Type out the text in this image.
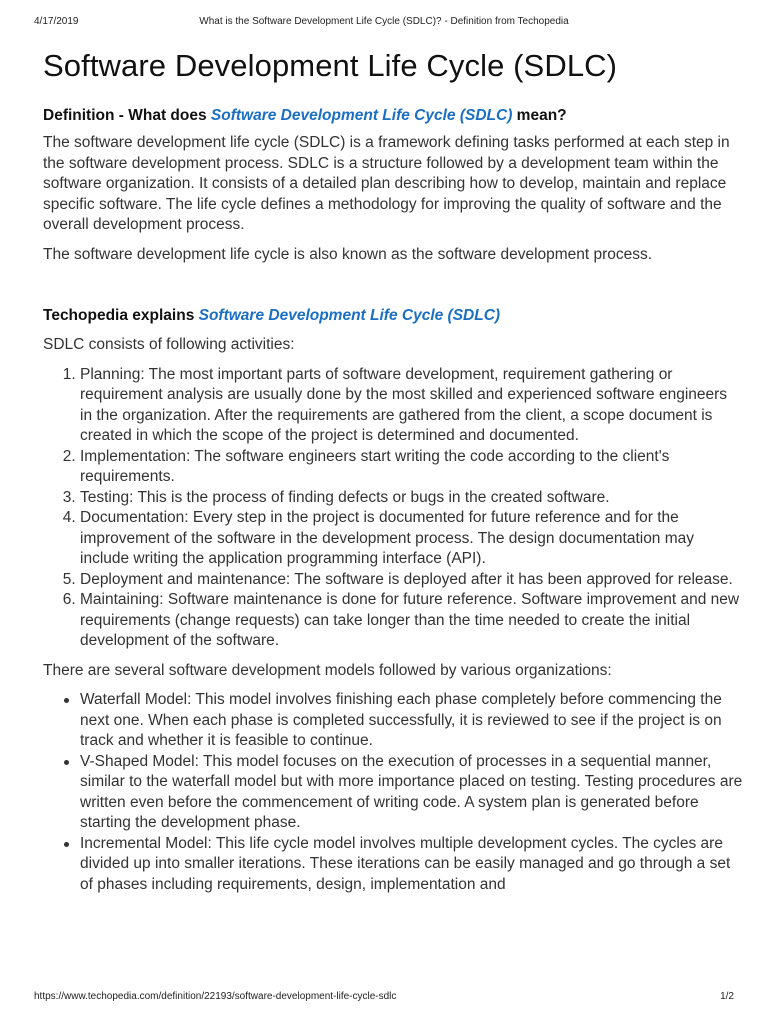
4/17/2019	What is the Software Development Life Cycle (SDLC)? - Definition from Techopedia
Software Development Life Cycle (SDLC)
Definition - What does Software Development Life Cycle (SDLC) mean?

The software development life cycle (SDLC) is a framework defining tasks performed at each step in the software development process. SDLC is a structure followed by a development team within the software organization. It consists of a detailed plan describing how to develop, maintain and replace specific software. The life cycle defines a methodology for improving the quality of software and the overall development process.

The software development life cycle is also known as the software development process.

Techopedia explains Software Development Life Cycle (SDLC)

SDLC consists of following activities:

1. Planning: The most important parts of software development, requirement gathering or requirement analysis are usually done by the most skilled and experienced software engineers in the organization. After the requirements are gathered from the client, a scope document is created in which the scope of the project is determined and documented.
2. Implementation: The software engineers start writing the code according to the client's requirements.
3. Testing: This is the process of finding defects or bugs in the created software.
4. Documentation: Every step in the project is documented for future reference and for the improvement of the software in the development process. The design documentation may include writing the application programming interface (API).
5. Deployment and maintenance: The software is deployed after it has been approved for release.
6. Maintaining: Software maintenance is done for future reference. Software improvement and new requirements (change requests) can take longer than the time needed to create the initial development of the software.

There are several software development models followed by various organizations:

Waterfall Model: This model involves finishing each phase completely before commencing the next one. When each phase is completed successfully, it is reviewed to see if the project is on track and whether it is feasible to continue.
V-Shaped Model: This model focuses on the execution of processes in a sequential manner, similar to the waterfall model but with more importance placed on testing. Testing procedures are written even before the commencement of writing code. A system plan is generated before starting the development phase.
Incremental Model: This life cycle model involves multiple development cycles. The cycles are divided up into smaller iterations. These iterations can be easily managed and go through a set of phases including requirements, design, implementation and
https://www.techopedia.com/definition/22193/software-development-life-cycle-sdlc	1/2
